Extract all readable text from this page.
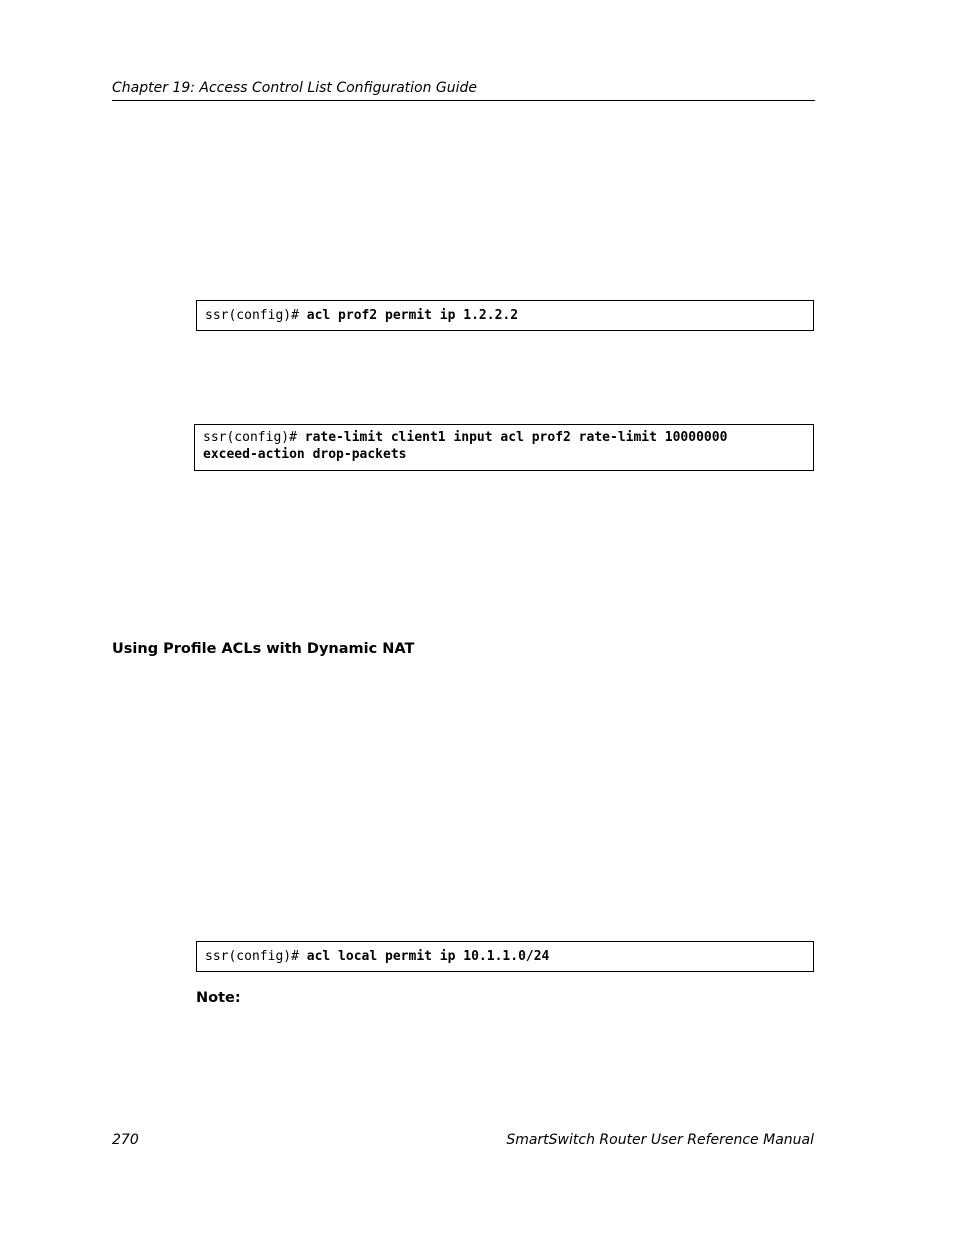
Chapter 19: Access Control List Configuration Guide
ssr(config)# acl prof2 permit ip 1.2.2.2
ssr(config)# rate-limit client1 input acl prof2 rate-limit 10000000
exceed-action drop-packets
Using Profile ACLs with Dynamic NAT
ssr(config)# acl local permit ip 10.1.1.0/24
Note:
270	SmartSwitch Router User Reference Manual
